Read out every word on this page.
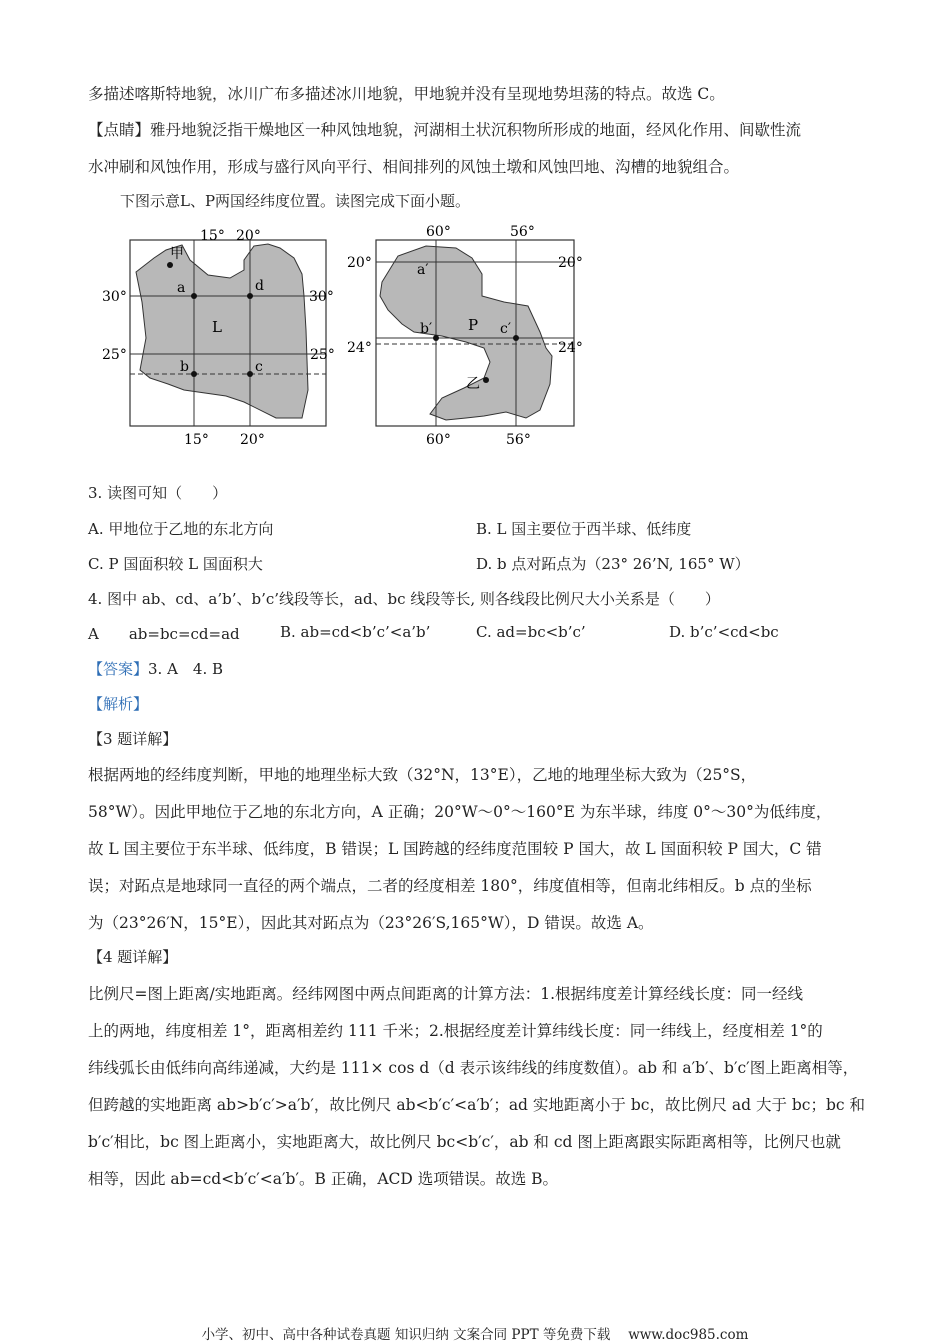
多描述喀斯特地貌，冰川广布多描述冰川地貌，甲地貌并没有呈现地势坦荡的特点。故选 C。
【点睛】雅丹地貌泛指干燥地区一种风蚀地貌，河湖相土状沉积物所形成的地面，经风化作用、间歇性流
水冲刷和风蚀作用，形成与盛行风向平行、相间排列的风蚀土墩和风蚀凹地、沟槽的地貌组合。
下图示意L、P两国经纬度位置。读图完成下面小题。
15° 20°
15° 20°
30°
25°
30°
25°
L
甲
a	d
b	c
60°	56°
60°	56°
20°
24°
20°
24°
P
a′
b′	c′
乙
3. 读图可知（　　）
A. 甲地位于乙地的东北方向	B. L 国主要位于西半球、低纬度
C. P 国面积较 L 国面积大	D. b 点对跖点为（23° 26’N, 165° W）
4. 图中 ab、cd、a’b’、b’c’线段等长，ad、bc 线段等长, 则各线段比例尺大小关系是（　　）
A　　ab=bc=cd=ad	B. ab=cd<b’c’<a’b’	C. ad=bc<b’c’	D. b’c’<cd<bc
【答案】3. A　4. B
【解析】
【3 题详解】
根据两地的经纬度判断，甲地的地理坐标大致（32°N，13°E），乙地的地理坐标大致为（25°S，
58°W）。因此甲地位于乙地的东北方向，A 正确；20°W～0°～160°E 为东半球，纬度 0°～30°为低纬度，
故 L 国主要位于东半球、低纬度，B 错误；L 国跨越的经纬度范围较 P 国大，故 L 国面积较 P 国大，C 错
误；对跖点是地球同一直径的两个端点，二者的经度相差 180°，纬度值相等，但南北纬相反。b 点的坐标
为（23°26′N，15°E），因此其对跖点为（23°26′S,165°W），D 错误。故选 A。
【4 题详解】
比例尺=图上距离/实地距离。经纬网图中两点间距离的计算方法：1.根据纬度差计算经线长度：同一经线
上的两地，纬度相差 1°，距离相差约 111 千米；2.根据经度差计算纬线长度：同一纬线上，经度相差 1°的
纬线弧长由低纬向高纬递减，大约是 111× cos d（d 表示该纬线的纬度数值）。ab 和 a′b′、b′c′图上距离相等，
但跨越的实地距离 ab>b′c′>a′b′，故比例尺 ab<b′c′<a′b′；ad 实地距离小于 bc，故比例尺 ad 大于 bc；bc 和
b′c′相比，bc 图上距离小，实地距离大，故比例尺 bc<b′c′，ab 和 cd 图上距离跟实际距离相等，比例尺也就
相等，因此 ab=cd<b′c′<a′b′。B 正确，ACD 选项错误。故选 B。
小学、初中、高中各种试卷真题 知识归纳 文案合同 PPT 等免费下载　 www.doc985.com
